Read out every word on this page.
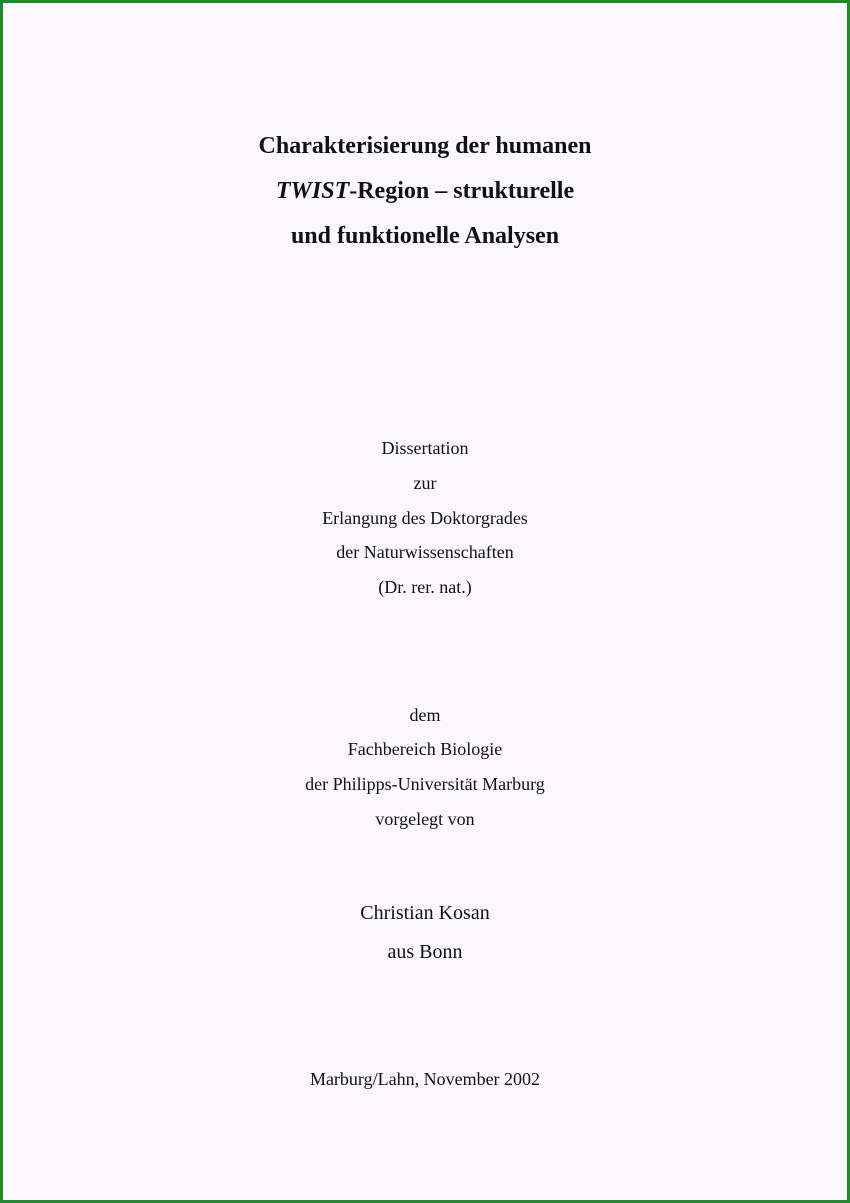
Charakterisierung der humanen
TWIST-Region – strukturelle
und funktionelle Analysen
Dissertation
zur
Erlangung des Doktorgrades
der Naturwissenschaften
(Dr. rer. nat.)
dem
Fachbereich Biologie
der Philipps-Universität Marburg
vorgelegt von
Christian Kosan
aus Bonn
Marburg/Lahn, November 2002
